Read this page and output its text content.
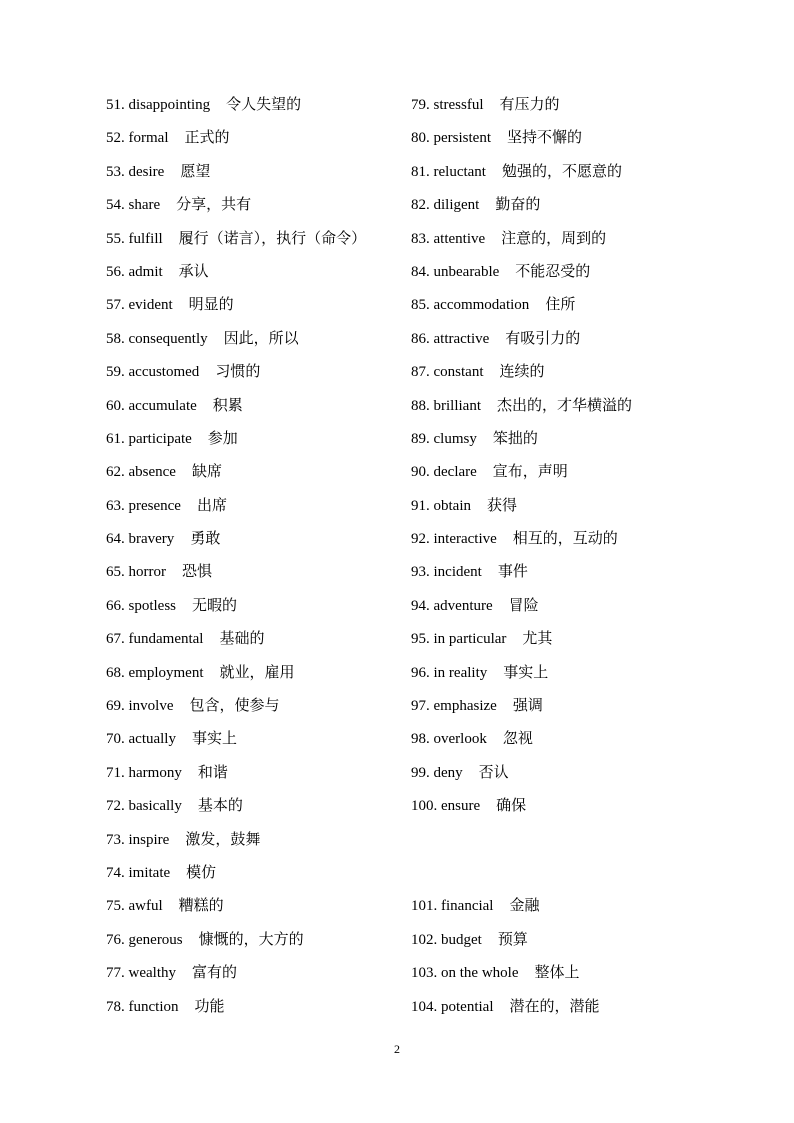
51. disappointing 令人失望的
52. formal 正式的
53. desire 愿望
54. share 分享，共有
55. fulfill 履行（诺言），执行（命令）
56. admit 承认
57. evident 明显的
58. consequently 因此，所以
59. accustomed 习惯的
60. accumulate 积累
61. participate 参加
62. absence 缺席
63. presence 出席
64. bravery 勇敢
65. horror 恐惧
66. spotless 无暇的
67. fundamental 基础的
68. employment 就业，雇用
69. involve 包含，使参与
70. actually 事实上
71. harmony 和谐
72. basically 基本的
73. inspire 激发，鼓舞
74. imitate 模仿
75. awful 糟糕的
76. generous 慷慨的，大方的
77. wealthy 富有的
78. function 功能
79. stressful 有压力的
80. persistent 坚持不懈的
81. reluctant 勉强的，不愿意的
82. diligent 勤奋的
83. attentive 注意的，周到的
84. unbearable 不能忍受的
85. accommodation 住所
86. attractive 有吸引力的
87. constant 连续的
88. brilliant 杰出的，才华横溢的
89. clumsy 笨拙的
90. declare 宣布，声明
91. obtain 获得
92. interactive 相互的，互动的
93. incident 事件
94. adventure 冒险
95. in particular 尤其
96. in reality 事实上
97. emphasize 强调
98. overlook 忽视
99. deny 否认
100. ensure 确保
101. financial 金融
102. budget 预算
103. on the whole 整体上
104. potential 潜在的，潜能
2
